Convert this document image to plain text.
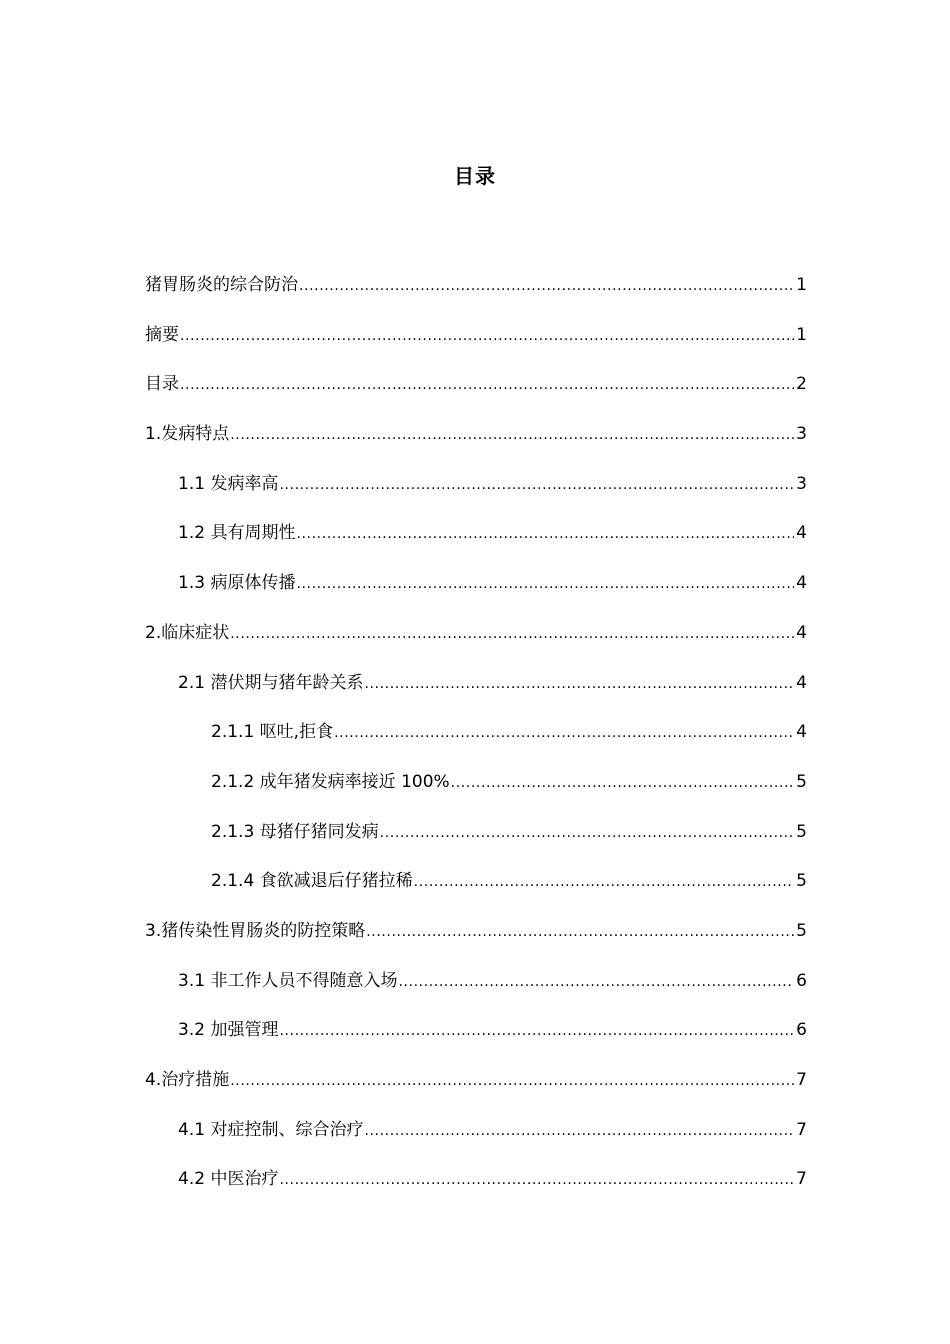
目录
猪胃肠炎的综合防治 .....	1
摘要 .....	1
目录 .....	2
1.发病特点 .....	3
1.1 发病率高 .....	3
1.2 具有周期性 .....	4
1.3 病原体传播 .....	4
2.临床症状 .....	4
2.1 潜伏期与猪年龄关系 .....	4
2.1.1 呕吐,拒食 .....	4
2.1.2 成年猪发病率接近 100% .....	5
2.1.3 母猪仔猪同发病 .....	5
2.1.4 食欲减退后仔猪拉稀 .....	5
3.猪传染性胃肠炎的防控策略 .....	5
3.1 非工作人员不得随意入场 .....	6
3.2 加强管理 .....	6
4.治疗措施 .....	7
4.1 对症控制、综合治疗 .....	7
4.2 中医治疗 .....	7
